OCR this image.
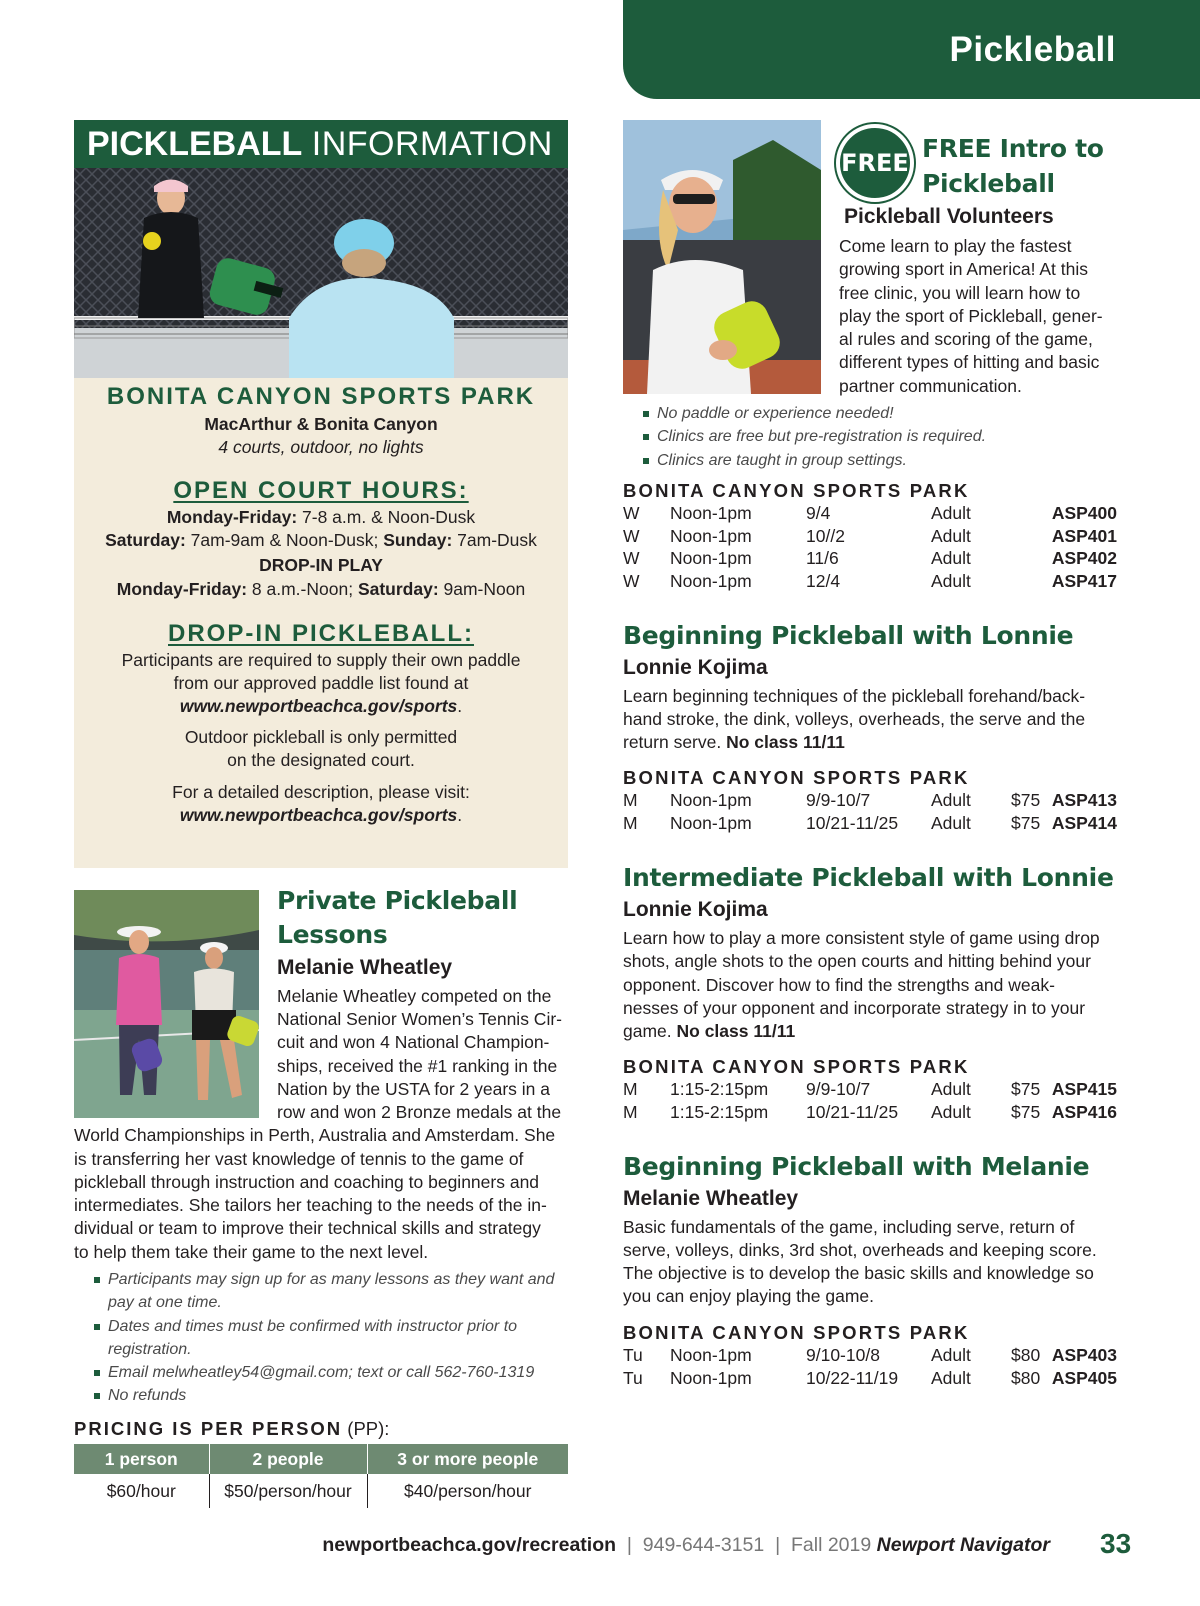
Pickleball
PICKLEBALL INFORMATION
BONITA CANYON SPORTS PARK
MacArthur & Bonita Canyon
4 courts, outdoor, no lights
OPEN COURT HOURS:
Monday-Friday: 7-8 a.m. & Noon-Dusk
Saturday: 7am-9am & Noon-Dusk; Sunday: 7am-Dusk
DROP-IN PLAY
Monday-Friday: 8 a.m.-Noon; Saturday: 9am-Noon
DROP-IN PICKLEBALL:
Participants are required to supply their own paddle
from our approved paddle list found at
www.newportbeachca.gov/sports.
Outdoor pickleball is only permitted
on the designated court.
For a detailed description, please visit:
www.newportbeachca.gov/sports.
Private Pickleball
Lessons
Melanie Wheatley
Melanie Wheatley competed on the
National Senior Women’s Tennis Cir-
cuit and won 4 National Champion-
ships, received the #1 ranking in the
Nation by the USTA for 2 years in a
row and won 2 Bronze medals at the
World Championships in Perth, Australia and Amsterdam. She
is transferring her vast knowledge of tennis to the game of
pickleball through instruction and coaching to beginners and
intermediates. She tailors her teaching to the needs of the in-
dividual or team to improve their technical skills and strategy
to help them take their game to the next level.
Participants may sign up for as many lessons as they want and
pay at one time.
Dates and times must be confirmed with instructor prior to
registration.
Email melwheatley54@gmail.com; text or call 562-760-1319
No refunds
PRICING IS PER PERSON (PP):
1 person	2 people	3 or more people
$60/hour	$50/person/hour	$40/person/hour
FREE FREE Intro to
Pickleball
Pickleball Volunteers
Come learn to play the fastest
growing sport in America! At this
free clinic, you will learn how to
play the sport of Pickleball, gener-
al rules and scoring of the game,
different types of hitting and basic
partner communication.
No paddle or experience needed!
Clinics are free but pre-registration is required.
Clinics are taught in group settings.
BONITA CANYON SPORTS PARK
W Noon-1pm	9/4	Adult	ASP400
W Noon-1pm	10//2	Adult	ASP401
W Noon-1pm	11/6	Adult	ASP402
W Noon-1pm	12/4	Adult	ASP417
Beginning Pickleball with Lonnie
Lonnie Kojima
Learn beginning techniques of the pickleball forehand/back-
hand stroke, the dink, volleys, overheads, the serve and the
return serve. No class 11/11
BONITA CANYON SPORTS PARK
M Noon-1pm	9/9-10/7	Adult $75 ASP413
M Noon-1pm	10/21-11/25 Adult $75 ASP414
Intermediate Pickleball with Lonnie
Lonnie Kojima
Learn how to play a more consistent style of game using drop
shots, angle shots to the open courts and hitting behind your
opponent. Discover how to find the strengths and weak-
nesses of your opponent and incorporate strategy in to your
game. No class 11/11
BONITA CANYON SPORTS PARK
M 1:15-2:15pm 9/9-10/7	Adult $75 ASP415
M 1:15-2:15pm 10/21-11/25 Adult $75 ASP416
Beginning Pickleball with Melanie
Melanie Wheatley
Basic fundamentals of the game, including serve, return of
serve, volleys, dinks, 3rd shot, overheads and keeping score.
The objective is to develop the basic skills and knowledge so
you can enjoy playing the game.
BONITA CANYON SPORTS PARK
Tu Noon-1pm	9/10-10/8	Adult $80 ASP403
Tu Noon-1pm	10/22-11/19 Adult $80 ASP405
newportbeachca.gov/recreation | 949-644-3151 | Fall 2019 Newport Navigator 33
